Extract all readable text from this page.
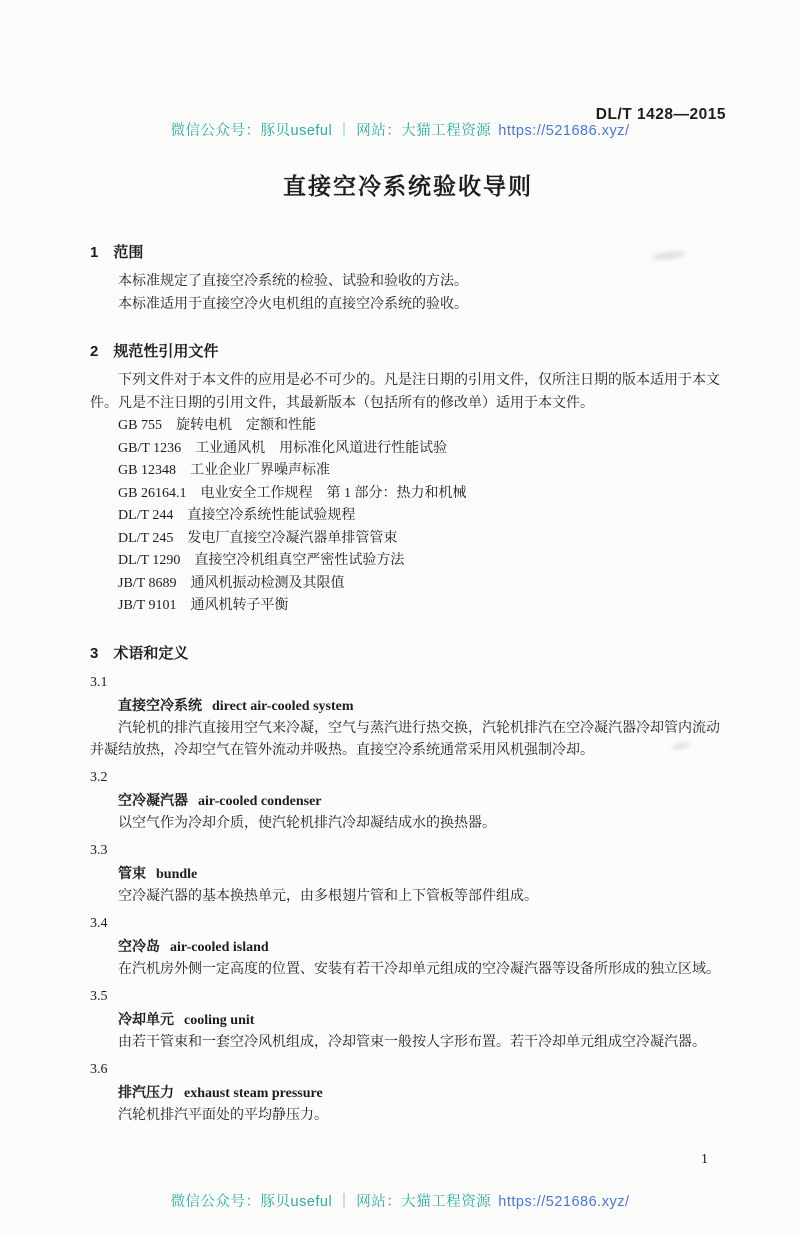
微信公众号：豚贝useful ｜ 网站：大猫工程资源 https://521686.xyz/
DL/T 1428—2015
直接空冷系统验收导则
1　范围

本标准规定了直接空冷系统的检验、试验和验收的方法。

本标准适用于直接空冷火电机组的直接空冷系统的验收。

2　规范性引用文件

下列文件对于本文件的应用是必不可少的。凡是注日期的引用文件，仅所注日期的版本适用于本文件。凡是不注日期的引用文件，其最新版本（包括所有的修改单）适用于本文件。

GB 755　旋转电机　定额和性能
GB/T 1236　工业通风机　用标准化风道进行性能试验
GB 12348　工业企业厂界噪声标准
GB 26164.1　电业安全工作规程　第 1 部分：热力和机械
DL/T 244　直接空冷系统性能试验规程
DL/T 245　发电厂直接空冷凝汽器单排管管束
DL/T 1290　直接空冷机组真空严密性试验方法
JB/T 8689　通风机振动检测及其限值
JB/T 9101　通风机转子平衡
3　术语和定义
3.1
直接空冷系统 direct air-cooled system

汽轮机的排汽直接用空气来冷凝，空气与蒸汽进行热交换，汽轮机排汽在空冷凝汽器冷却管内流动并凝结放热，冷却空气在管外流动并吸热。直接空冷系统通常采用风机强制冷却。

3.2
空冷凝汽器 air-cooled condenser

以空气作为冷却介质，使汽轮机排汽冷却凝结成水的换热器。

3.3
管束 bundle

空冷凝汽器的基本换热单元，由多根翅片管和上下管板等部件组成。

3.4
空冷岛 air-cooled island

在汽机房外侧一定高度的位置、安装有若干冷却单元组成的空冷凝汽器等设备所形成的独立区域。

3.5
冷却单元 cooling unit

由若干管束和一套空冷风机组成，冷却管束一般按人字形布置。若干冷却单元组成空冷凝汽器。

3.6
排汽压力 exhaust steam pressure

汽轮机排汽平面处的平均静压力。

1
微信公众号：豚贝useful ｜ 网站：大猫工程资源 https://521686.xyz/
